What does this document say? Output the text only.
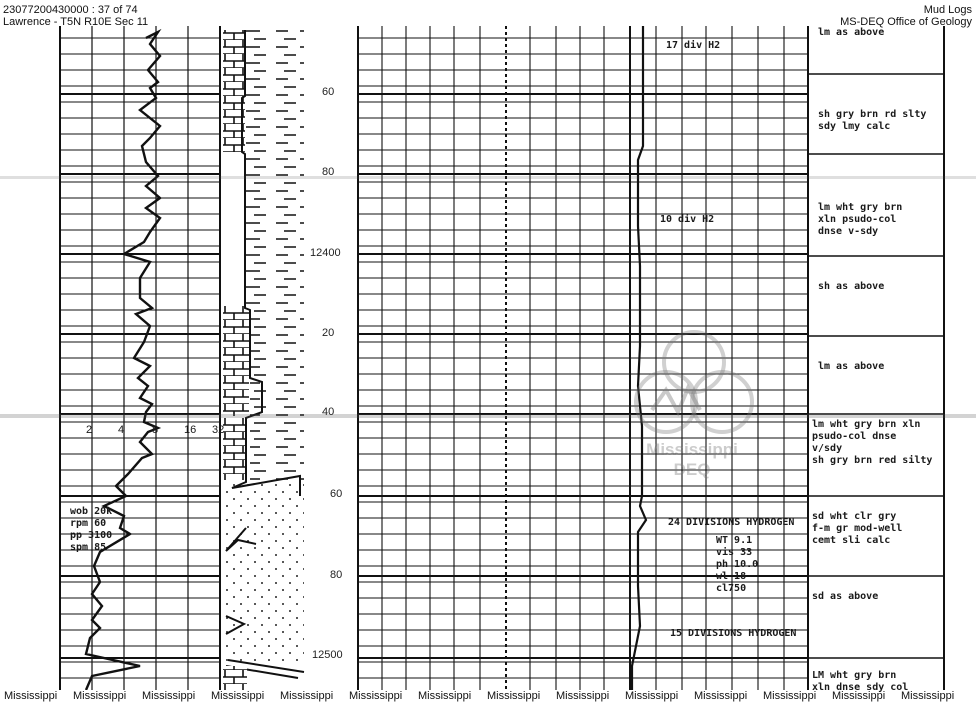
23077200430000 : 37 of 74
Lawrence - T5N R10E Sec 11
Mud Logs
MS-DEQ Office of Geology
2 4	8 16 32
60
80
12400
20
40
60
80
12500
wob 20k
rpm 60
pp 3100
spm 85
17 div H2
10 div H2
24 DIVISIONS HYDROGEN
15 DIVISIONS HYDROGEN
WT 9.1
vis 33
ph 10.0
wl 18
cl750
lm as above
sh gry brn rd slty
sdy lmy calc
lm wht gry brn
xln psudo-col
dnse v-sdy
sh as above
lm as above
lm wht gry brn xln
psudo-col dnse
v/sdy
sh gry brn red silty
sd wht clr gry
f-m gr mod-well
cemt sli calc
sd as above
LM wht gry brn
xln dnse sdy col
Mississippi
DEQ
Mississippi Mississippi Mississippi Mississippi Mississippi Mississippi Mississippi Mississippi Mississippi Mississippi Mississippi Mississippi Mississippi Mississippi
